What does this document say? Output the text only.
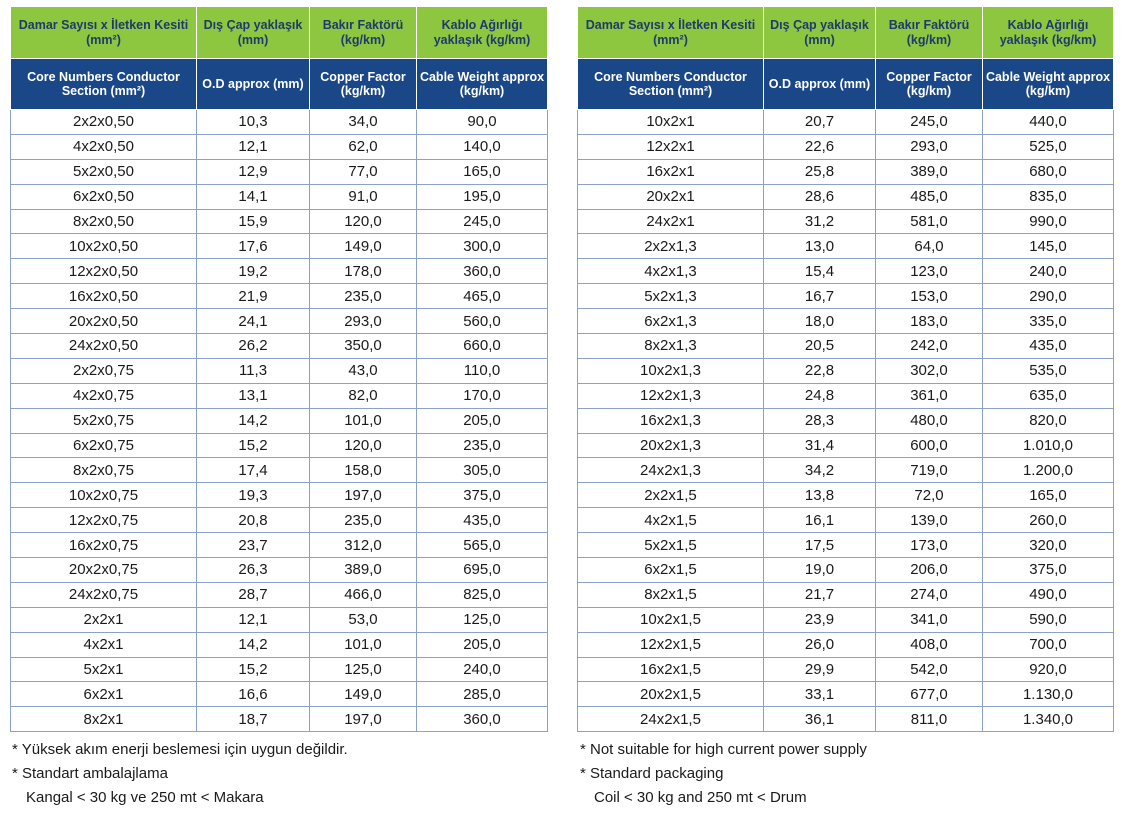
Damar Sayısı x İletken Kesiti (mm²)	Dış Çap yaklaşık (mm)	Bakır Faktörü (kg/km)	Kablo Ağırlığı yaklaşık (kg/km)
Core Numbers Conductor Section (mm²)	O.D approx (mm)	Copper Factor (kg/km)	Cable Weight approx (kg/km)
2x2x0,50	10,3	34,0	90,0
4x2x0,50	12,1	62,0	140,0
5x2x0,50	12,9	77,0	165,0
6x2x0,50	14,1	91,0	195,0
8x2x0,50	15,9	120,0	245,0
10x2x0,50	17,6	149,0	300,0
12x2x0,50	19,2	178,0	360,0
16x2x0,50	21,9	235,0	465,0
20x2x0,50	24,1	293,0	560,0
24x2x0,50	26,2	350,0	660,0
2x2x0,75	11,3	43,0	110,0
4x2x0,75	13,1	82,0	170,0
5x2x0,75	14,2	101,0	205,0
6x2x0,75	15,2	120,0	235,0
8x2x0,75	17,4	158,0	305,0
10x2x0,75	19,3	197,0	375,0
12x2x0,75	20,8	235,0	435,0
16x2x0,75	23,7	312,0	565,0
20x2x0,75	26,3	389,0	695,0
24x2x0,75	28,7	466,0	825,0
2x2x1	12,1	53,0	125,0
4x2x1	14,2	101,0	205,0
5x2x1	15,2	125,0	240,0
6x2x1	16,6	149,0	285,0
8x2x1	18,7	197,0	360,0
Damar Sayısı x İletken Kesiti (mm²)	Dış Çap yaklaşık (mm)	Bakır Faktörü (kg/km)	Kablo Ağırlığı yaklaşık (kg/km)
Core Numbers Conductor Section (mm²)	O.D approx (mm)	Copper Factor (kg/km)	Cable Weight approx (kg/km)
10x2x1	20,7	245,0	440,0
12x2x1	22,6	293,0	525,0
16x2x1	25,8	389,0	680,0
20x2x1	28,6	485,0	835,0
24x2x1	31,2	581,0	990,0
2x2x1,3	13,0	64,0	145,0
4x2x1,3	15,4	123,0	240,0
5x2x1,3	16,7	153,0	290,0
6x2x1,3	18,0	183,0	335,0
8x2x1,3	20,5	242,0	435,0
10x2x1,3	22,8	302,0	535,0
12x2x1,3	24,8	361,0	635,0
16x2x1,3	28,3	480,0	820,0
20x2x1,3	31,4	600,0	1.010,0
24x2x1,3	34,2	719,0	1.200,0
2x2x1,5	13,8	72,0	165,0
4x2x1,5	16,1	139,0	260,0
5x2x1,5	17,5	173,0	320,0
6x2x1,5	19,0	206,0	375,0
8x2x1,5	21,7	274,0	490,0
10x2x1,5	23,9	341,0	590,0
12x2x1,5	26,0	408,0	700,0
16x2x1,5	29,9	542,0	920,0
20x2x1,5	33,1	677,0	1.130,0
24x2x1,5	36,1	811,0	1.340,0
* Yüksek akım enerji beslemesi için uygun değildir.
* Standart ambalajlama
Kangal < 30 kg ve 250 mt < Makara
* Not suitable for high current power supply
* Standard packaging
Coil < 30 kg and 250 mt < Drum
